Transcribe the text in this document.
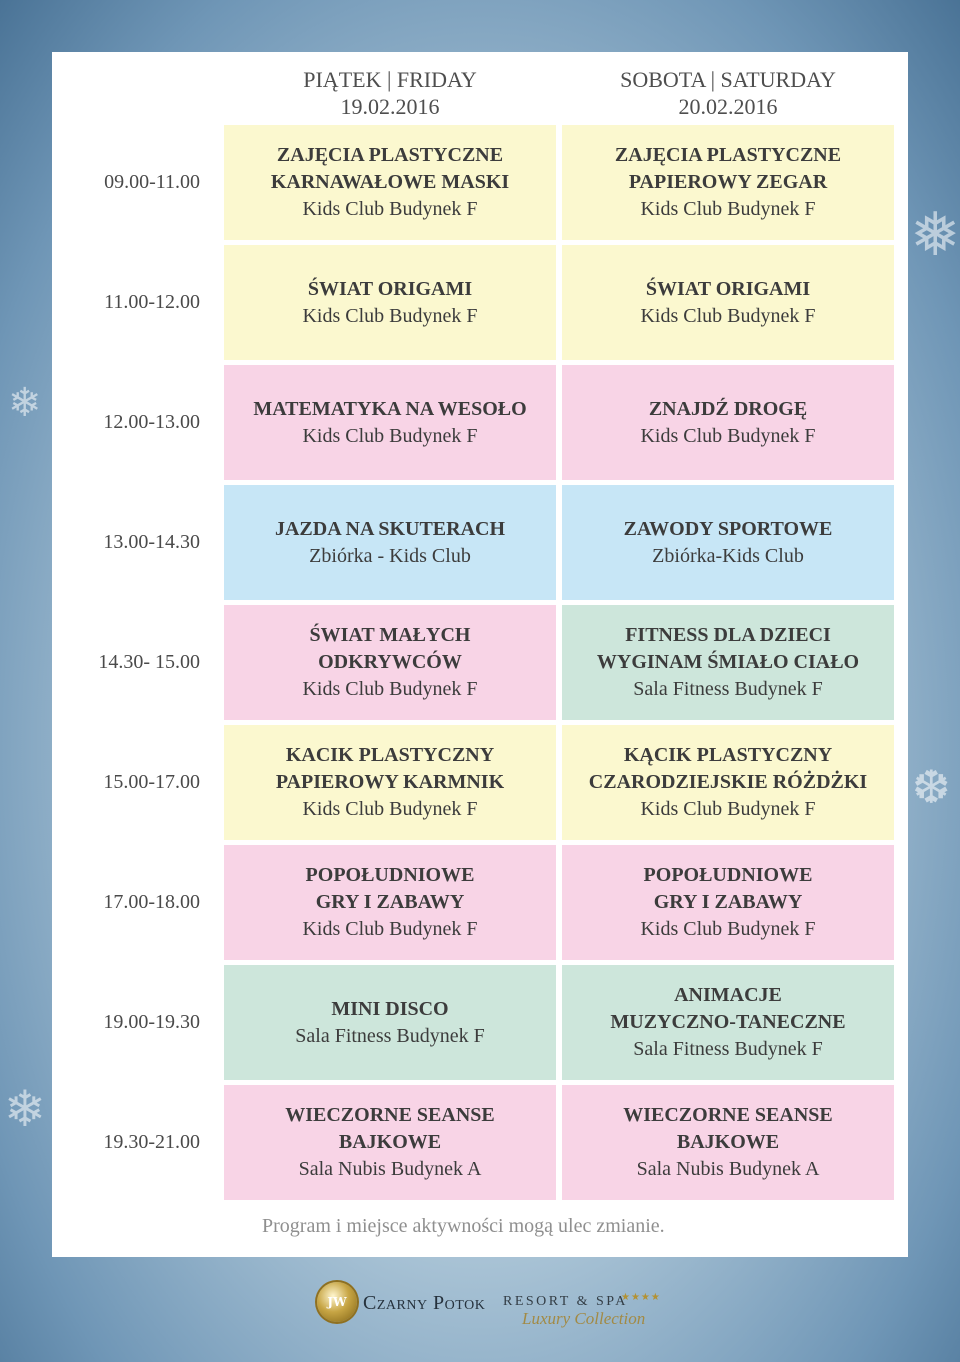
❄
❅
❆
❄
PIĄTEK | FRIDAY
19.02.2016
SOBOTA | SATURDAY
20.02.2016
09.00-11.00
ZAJĘCIA PLASTYCZNE
KARNAWAŁOWE MASKI
Kids Club Budynek F
ZAJĘCIA PLASTYCZNE
PAPIEROWY ZEGAR
Kids Club Budynek F
11.00-12.00
ŚWIAT ORIGAMI
Kids Club Budynek F
ŚWIAT ORIGAMI
Kids Club Budynek F
12.00-13.00
MATEMATYKA NA WESOŁO
Kids Club Budynek F
ZNAJDŹ DROGĘ
Kids Club Budynek F
13.00-14.30
JAZDA NA SKUTERACH
Zbiórka - Kids Club
ZAWODY SPORTOWE
Zbiórka-Kids Club
14.30- 15.00
ŚWIAT MAŁYCH
ODKRYWCÓW
Kids Club Budynek F
FITNESS DLA DZIECI
WYGINAM ŚMIAŁO CIAŁO
Sala Fitness Budynek F
15.00-17.00
KACIK PLASTYCZNY
PAPIEROWY KARMNIK
Kids Club Budynek F
KĄCIK PLASTYCZNY
CZARODZIEJSKIE RÓŻDŻKI
Kids Club Budynek F
17.00-18.00
POPOŁUDNIOWE
GRY I ZABAWY
Kids Club Budynek F
POPOŁUDNIOWE
GRY I ZABAWY
Kids Club Budynek F
19.00-19.30
MINI DISCO
Sala Fitness Budynek F
ANIMACJE
MUZYCZNO-TANECZNE
Sala Fitness Budynek F
19.30-21.00
WIECZORNE SEANSE
BAJKOWE
Sala Nubis Budynek A
WIECZORNE SEANSE
BAJKOWE
Sala Nubis Budynek A
Program i miejsce aktywności mogą ulec zmianie.
JW Czarny Potok RESORT & SPA
★★★★
Luxury Collection
